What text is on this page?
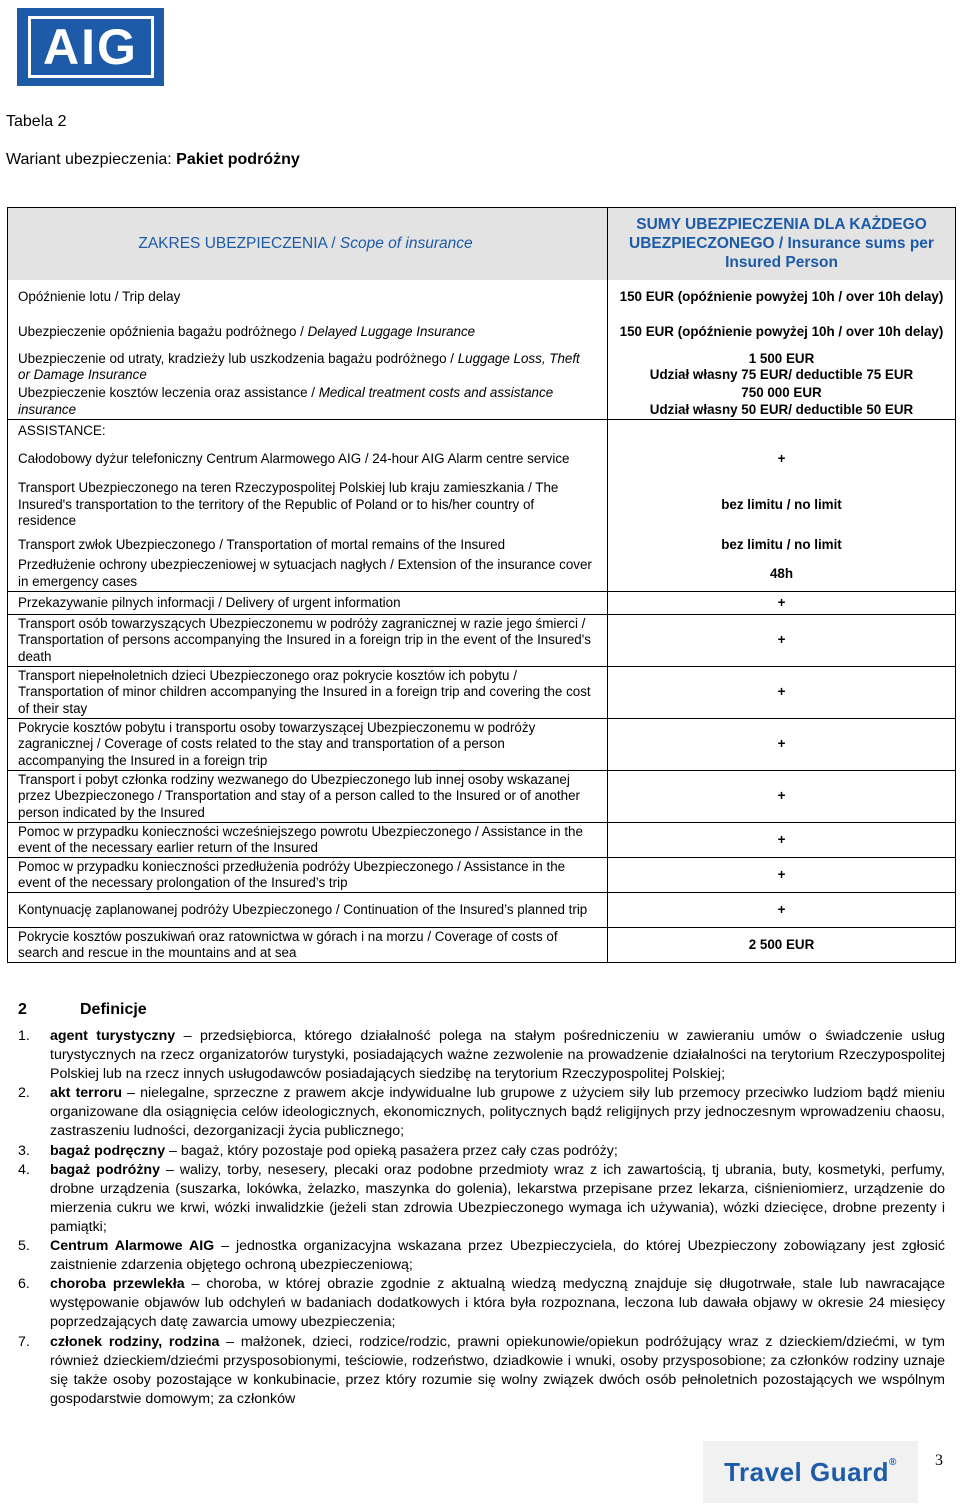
AIG
Tabela 2
Wariant ubezpieczenia: Pakiet podróżny
ZAKRES UBEZPIECZENIA / Scope of insurance	SUMY UBEZPIECZENIA DLA KAŻDEGO UBEZPIECZONEGO / Insurance sums per Insured Person
Opóźnienie lotu / Trip delay	150 EUR (opóźnienie powyżej 10h / over 10h delay)

Ubezpieczenie opóźnienia bagażu podróżnego / Delayed Luggage Insurance	150 EUR (opóźnienie powyżej 10h / over 10h delay)

Ubezpieczenie od utraty, kradzieży lub uszkodzenia bagażu podróżnego / Luggage Loss, Theft or Damage Insurance	1 500 EUR
Udział własny 75 EUR/ deductible 75 EUR

Ubezpieczenie kosztów leczenia oraz assistance / Medical treatment costs and assistance insurance	750 000 EUR
Udział własny 50 EUR/ deductible 50 EUR

ASSISTANCE:	

Całodobowy dyżur telefoniczny Centrum Alarmowego AIG / 24-hour AIG Alarm centre service	+

Transport Ubezpieczonego na teren Rzeczypospolitej Polskiej lub kraju zamieszkania / The Insured's transportation to the territory of the Republic of Poland or to his/her country of residence	bez limitu / no limit

Transport zwłok Ubezpieczonego / Transportation of mortal remains of the Insured	bez limitu / no limit

Przedłużenie ochrony ubezpieczeniowej w sytuacjach nagłych / Extension of the insurance cover in emergency cases	48h

Przekazywanie pilnych informacji / Delivery of urgent information	+

Transport osób towarzyszących Ubezpieczonemu w podróży zagranicznej w razie jego śmierci / Transportation of persons accompanying the Insured in a foreign trip in the event of the Insured's death	+

Transport niepełnoletnich dzieci Ubezpieczonego oraz pokrycie kosztów ich pobytu / Transportation of minor children accompanying the Insured in a foreign trip and covering the cost of their stay	+

Pokrycie kosztów pobytu i transportu osoby towarzyszącej Ubezpieczonemu w podróży zagranicznej / Coverage of costs related to the stay and transportation of a person accompanying the Insured in a foreign trip	+

Transport i pobyt członka rodziny wezwanego do Ubezpieczonego lub innej osoby wskazanej przez Ubezpieczonego / Transportation and stay of a person called to the Insured or of another person indicated by the Insured	+

Pomoc w przypadku konieczności wcześniejszego powrotu Ubezpieczonego / Assistance in the event of the necessary earlier return of the Insured	+

Pomoc w przypadku konieczności przedłużenia podróży Ubezpieczonego / Assistance in the event of the necessary prolongation of the Insured’s trip	+

Kontynuację zaplanowanej podróży Ubezpieczonego / Continuation of the Insured’s planned trip	+

Pokrycie kosztów poszukiwań oraz ratownictwa w górach i na morzu / Coverage of costs of search and rescue in the mountains and at sea	2 500 EUR
2	Definicje
1. agent turystyczny – przedsiębiorca, którego działalność polega na stałym pośredniczeniu w zawieraniu umów o świadczenie usług turystycznych na rzecz organizatorów turystyki, posiadających ważne zezwolenie na prowadzenie działalności na terytorium Rzeczypospolitej Polskiej lub na rzecz innych usługodawców posiadających siedzibę na terytorium Rzeczypospolitej Polskiej;
2. akt terroru – nielegalne, sprzeczne z prawem akcje indywidualne lub grupowe z użyciem siły lub przemocy przeciwko ludziom bądź mieniu organizowane dla osiągnięcia celów ideologicznych, ekonomicznych, politycznych bądź religijnych przy jednoczesnym wprowadzeniu chaosu, zastraszeniu ludności, dezorganizacji życia publicznego;
3. bagaż podręczny – bagaż, który pozostaje pod opieką pasażera przez cały czas podróży;
4. bagaż podróżny – walizy, torby, nesesery, plecaki oraz podobne przedmioty wraz z ich zawartością, tj ubrania, buty, kosmetyki, perfumy, drobne urządzenia (suszarka, lokówka, żelazko, maszynka do golenia), lekarstwa przepisane przez lekarza, ciśnieniomierz, urządzenie do mierzenia cukru we krwi, wózki inwalidzkie (jeżeli stan zdrowia Ubezpieczonego wymaga ich używania), wózki dziecięce, drobne prezenty i pamiątki;
5. Centrum Alarmowe AIG – jednostka organizacyjna wskazana przez Ubezpieczyciela, do której Ubezpieczony zobowiązany jest zgłosić zaistnienie zdarzenia objętego ochroną ubezpieczeniową;
6. choroba przewlekła – choroba, w której obrazie zgodnie z aktualną wiedzą medyczną znajduje się długotrwałe, stale lub nawracające występowanie objawów lub odchyleń w badaniach dodatkowych i która była rozpoznana, leczona lub dawała objawy w okresie 24 miesięcy poprzedzających datę zawarcia umowy ubezpieczenia;
7. członek rodziny, rodzina – małżonek, dzieci, rodzice/rodzic, prawni opiekunowie/opiekun podróżujący wraz z dzieckiem/dziećmi, w tym również dzieckiem/dziećmi przysposobionymi, teściowie, rodzeństwo, dziadkowie i wnuki, osoby przysposobione; za członków rodziny uznaje się także osoby pozostające w konkubinacie, przez który rozumie się wolny związek dwóch osób pełnoletnich pozostających we wspólnym gospodarstwie domowym; za członków
Travel Guard® 3
